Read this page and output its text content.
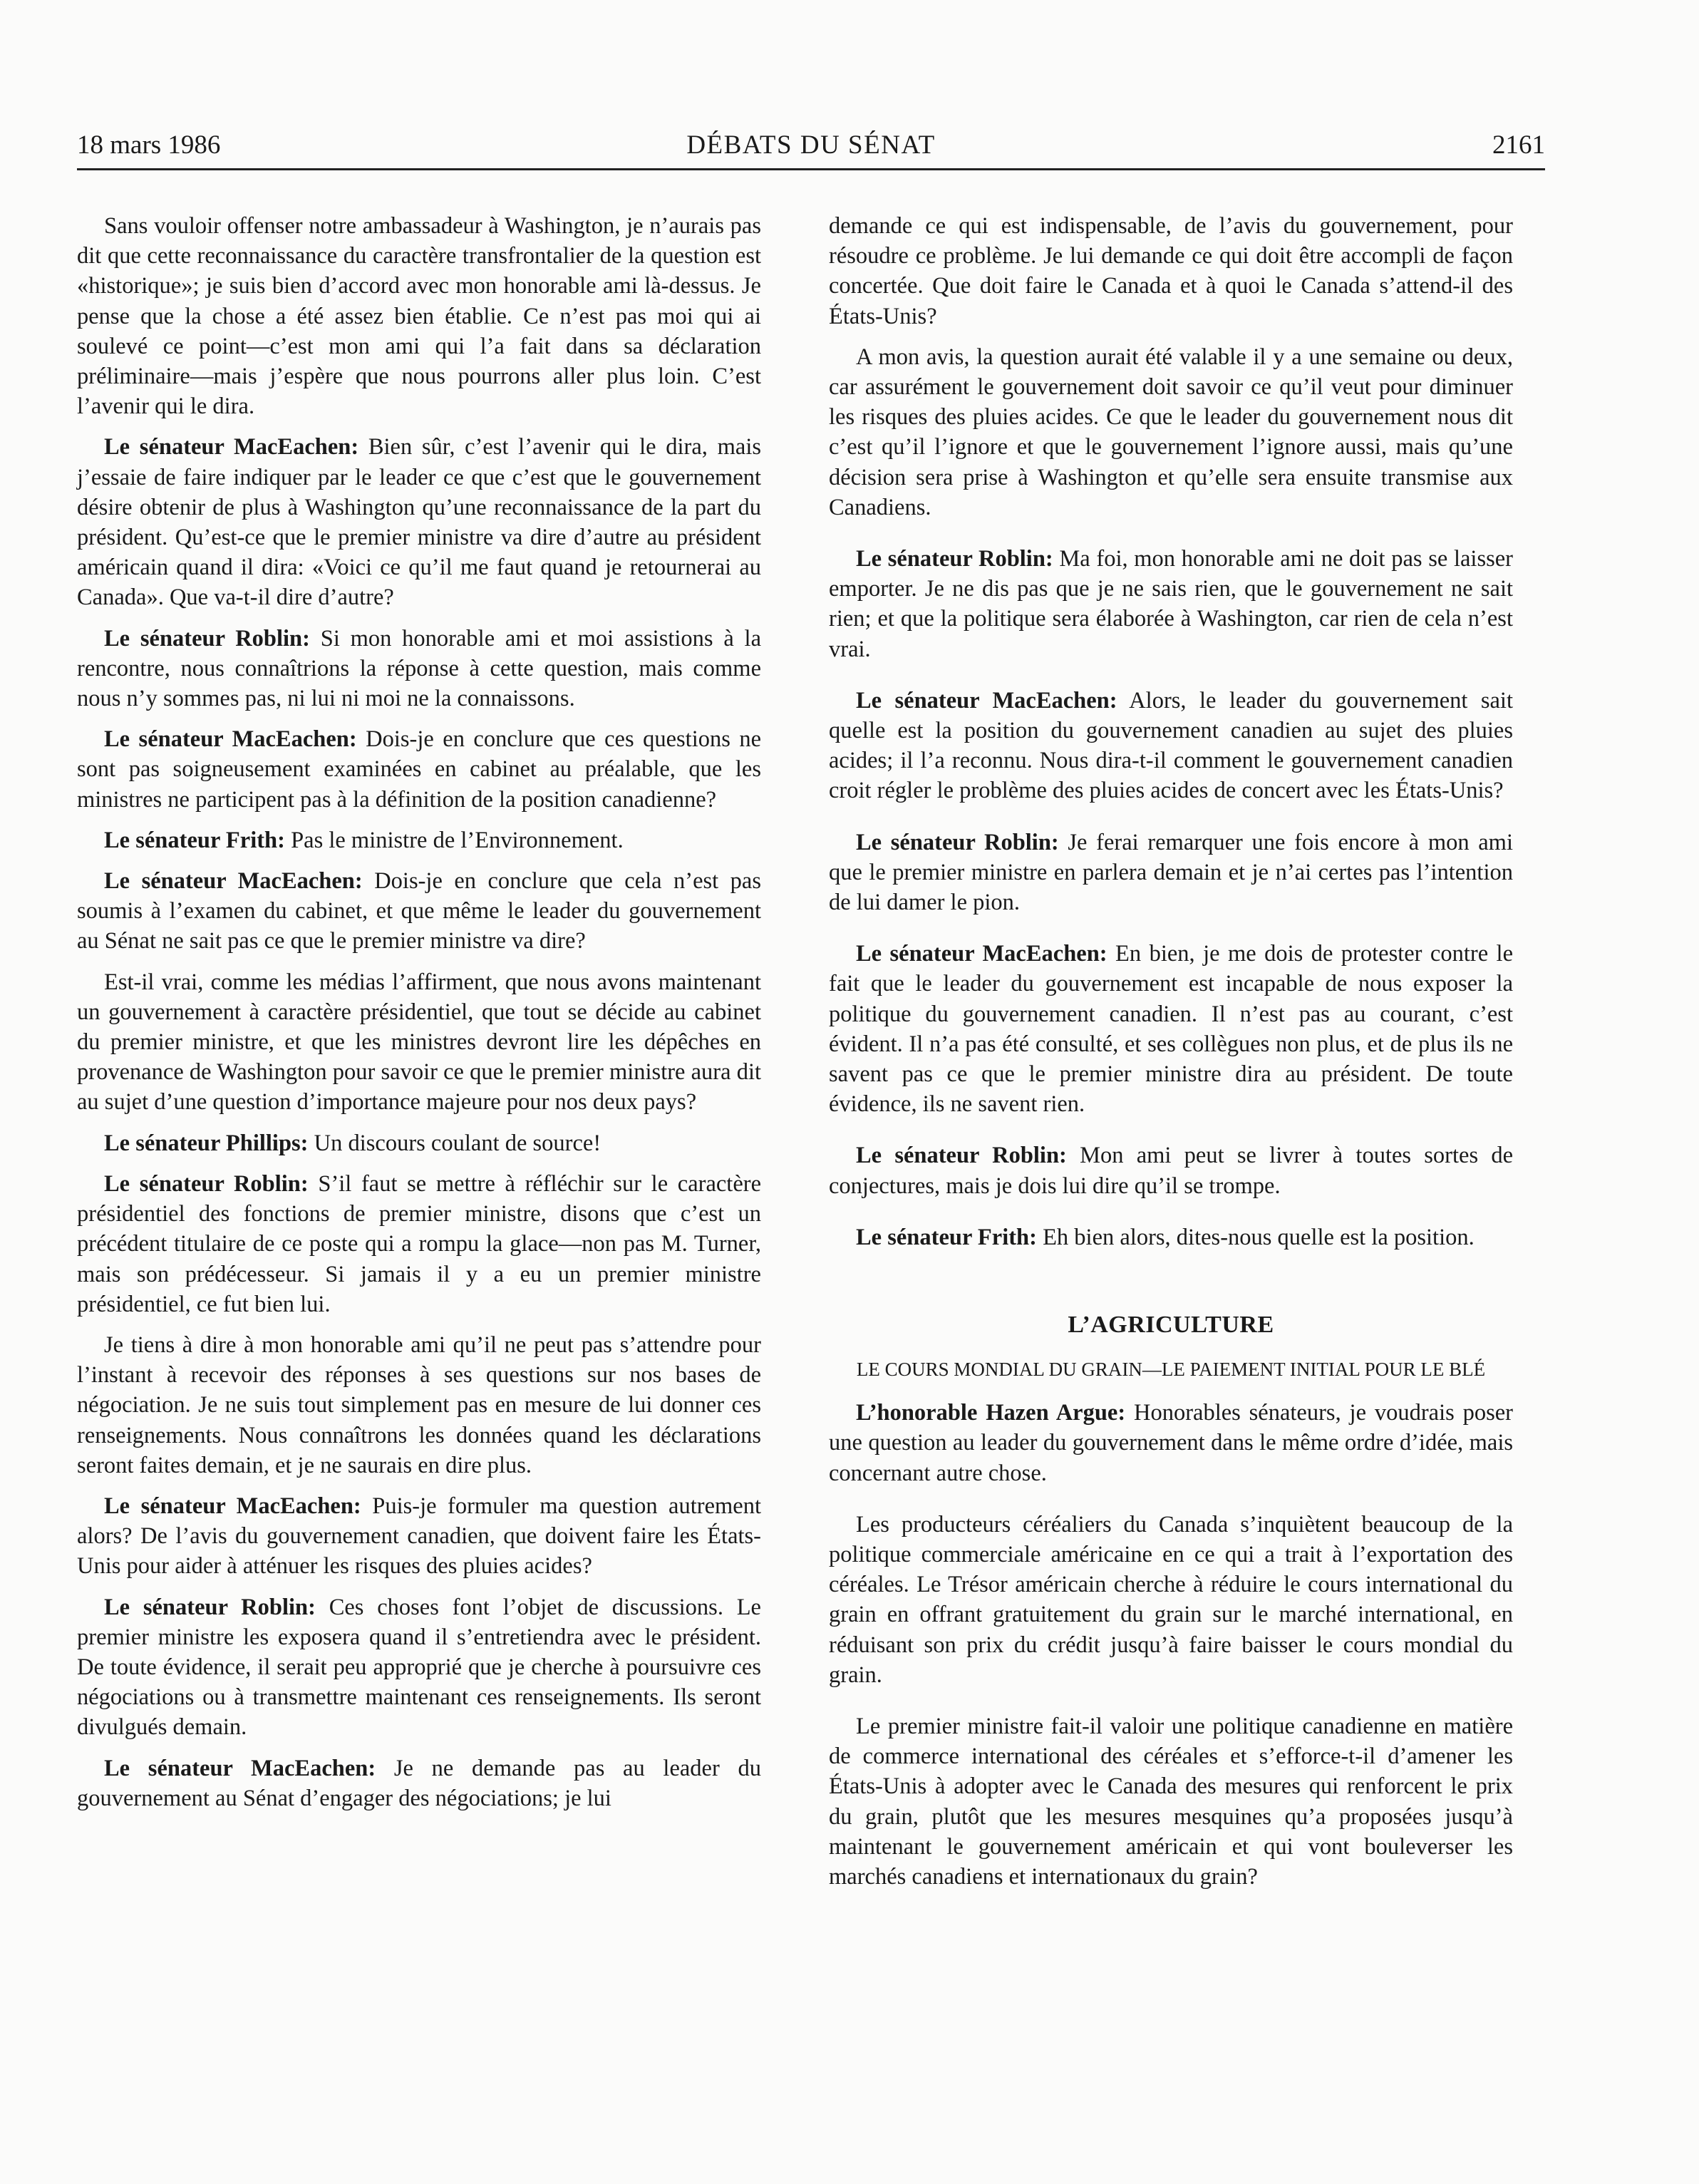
18 mars 1986	DÉBATS DU SÉNAT	2161

Sans vouloir offenser notre ambassadeur à Washington, je n’aurais pas dit que cette reconnaissance du caractère transfrontalier de la question est «historique»; je suis bien d’accord avec mon honorable ami là-dessus. Je pense que la chose a été assez bien établie. Ce n’est pas moi qui ai soulevé ce point—c’est mon ami qui l’a fait dans sa déclaration préliminaire—mais j’espère que nous pourrons aller plus loin. C’est l’avenir qui le dira.

Le sénateur MacEachen: Bien sûr, c’est l’avenir qui le dira, mais j’essaie de faire indiquer par le leader ce que c’est que le gouvernement désire obtenir de plus à Washington qu’une reconnaissance de la part du président. Qu’est-ce que le premier ministre va dire d’autre au président américain quand il dira: «Voici ce qu’il me faut quand je retournerai au Canada». Que va-t-il dire d’autre?

Le sénateur Roblin: Si mon honorable ami et moi assistions à la rencontre, nous connaîtrions la réponse à cette question, mais comme nous n’y sommes pas, ni lui ni moi ne la connaissons.

Le sénateur MacEachen: Dois-je en conclure que ces questions ne sont pas soigneusement examinées en cabinet au préalable, que les ministres ne participent pas à la définition de la position canadienne?

Le sénateur Frith: Pas le ministre de l’Environnement.

Le sénateur MacEachen: Dois-je en conclure que cela n’est pas soumis à l’examen du cabinet, et que même le leader du gouvernement au Sénat ne sait pas ce que le premier ministre va dire?

Est-il vrai, comme les médias l’affirment, que nous avons maintenant un gouvernement à caractère présidentiel, que tout se décide au cabinet du premier ministre, et que les ministres devront lire les dépêches en provenance de Washington pour savoir ce que le premier ministre aura dit au sujet d’une question d’importance majeure pour nos deux pays?

Le sénateur Phillips: Un discours coulant de source!

Le sénateur Roblin: S’il faut se mettre à réfléchir sur le caractère présidentiel des fonctions de premier ministre, disons que c’est un précédent titulaire de ce poste qui a rompu la glace—non pas M. Turner, mais son prédécesseur. Si jamais il y a eu un premier ministre présidentiel, ce fut bien lui.

Je tiens à dire à mon honorable ami qu’il ne peut pas s’attendre pour l’instant à recevoir des réponses à ses questions sur nos bases de négociation. Je ne suis tout simplement pas en mesure de lui donner ces renseignements. Nous connaîtrons les données quand les déclarations seront faites demain, et je ne saurais en dire plus.

Le sénateur MacEachen: Puis-je formuler ma question autrement alors? De l’avis du gouvernement canadien, que doivent faire les États-Unis pour aider à atténuer les risques des pluies acides?

Le sénateur Roblin: Ces choses font l’objet de discussions. Le premier ministre les exposera quand il s’entretiendra avec le président. De toute évidence, il serait peu approprié que je cherche à poursuivre ces négociations ou à transmettre maintenant ces renseignements. Ils seront divulgués demain.

Le sénateur MacEachen: Je ne demande pas au leader du gouvernement au Sénat d’engager des négociations; je lui

demande ce qui est indispensable, de l’avis du gouvernement, pour résoudre ce problème. Je lui demande ce qui doit être accompli de façon concertée. Que doit faire le Canada et à quoi le Canada s’attend-il des États-Unis?

A mon avis, la question aurait été valable il y a une semaine ou deux, car assurément le gouvernement doit savoir ce qu’il veut pour diminuer les risques des pluies acides. Ce que le leader du gouvernement nous dit c’est qu’il l’ignore et que le gouvernement l’ignore aussi, mais qu’une décision sera prise à Washington et qu’elle sera ensuite transmise aux Canadiens.

Le sénateur Roblin: Ma foi, mon honorable ami ne doit pas se laisser emporter. Je ne dis pas que je ne sais rien, que le gouvernement ne sait rien; et que la politique sera élaborée à Washington, car rien de cela n’est vrai.

Le sénateur MacEachen: Alors, le leader du gouvernement sait quelle est la position du gouvernement canadien au sujet des pluies acides; il l’a reconnu. Nous dira-t-il comment le gouvernement canadien croit régler le problème des pluies acides de concert avec les États-Unis?

Le sénateur Roblin: Je ferai remarquer une fois encore à mon ami que le premier ministre en parlera demain et je n’ai certes pas l’intention de lui damer le pion.

Le sénateur MacEachen: En bien, je me dois de protester contre le fait que le leader du gouvernement est incapable de nous exposer la politique du gouvernement canadien. Il n’est pas au courant, c’est évident. Il n’a pas été consulté, et ses collègues non plus, et de plus ils ne savent pas ce que le premier ministre dira au président. De toute évidence, ils ne savent rien.

Le sénateur Roblin: Mon ami peut se livrer à toutes sortes de conjectures, mais je dois lui dire qu’il se trompe.

Le sénateur Frith: Eh bien alors, dites-nous quelle est la position.

L’AGRICULTURE
LE COURS MONDIAL DU GRAIN—LE PAIEMENT INITIAL POUR LE BLÉ

L’honorable Hazen Argue: Honorables sénateurs, je voudrais poser une question au leader du gouvernement dans le même ordre d’idée, mais concernant autre chose.

Les producteurs céréaliers du Canada s’inquiètent beaucoup de la politique commerciale américaine en ce qui a trait à l’exportation des céréales. Le Trésor américain cherche à réduire le cours international du grain en offrant gratuitement du grain sur le marché international, en réduisant son prix du crédit jusqu’à faire baisser le cours mondial du grain.

Le premier ministre fait-il valoir une politique canadienne en matière de commerce international des céréales et s’efforce-t-il d’amener les États-Unis à adopter avec le Canada des mesures qui renforcent le prix du grain, plutôt que les mesures mesquines qu’a proposées jusqu’à maintenant le gouvernement américain et qui vont bouleverser les marchés canadiens et internationaux du grain?
